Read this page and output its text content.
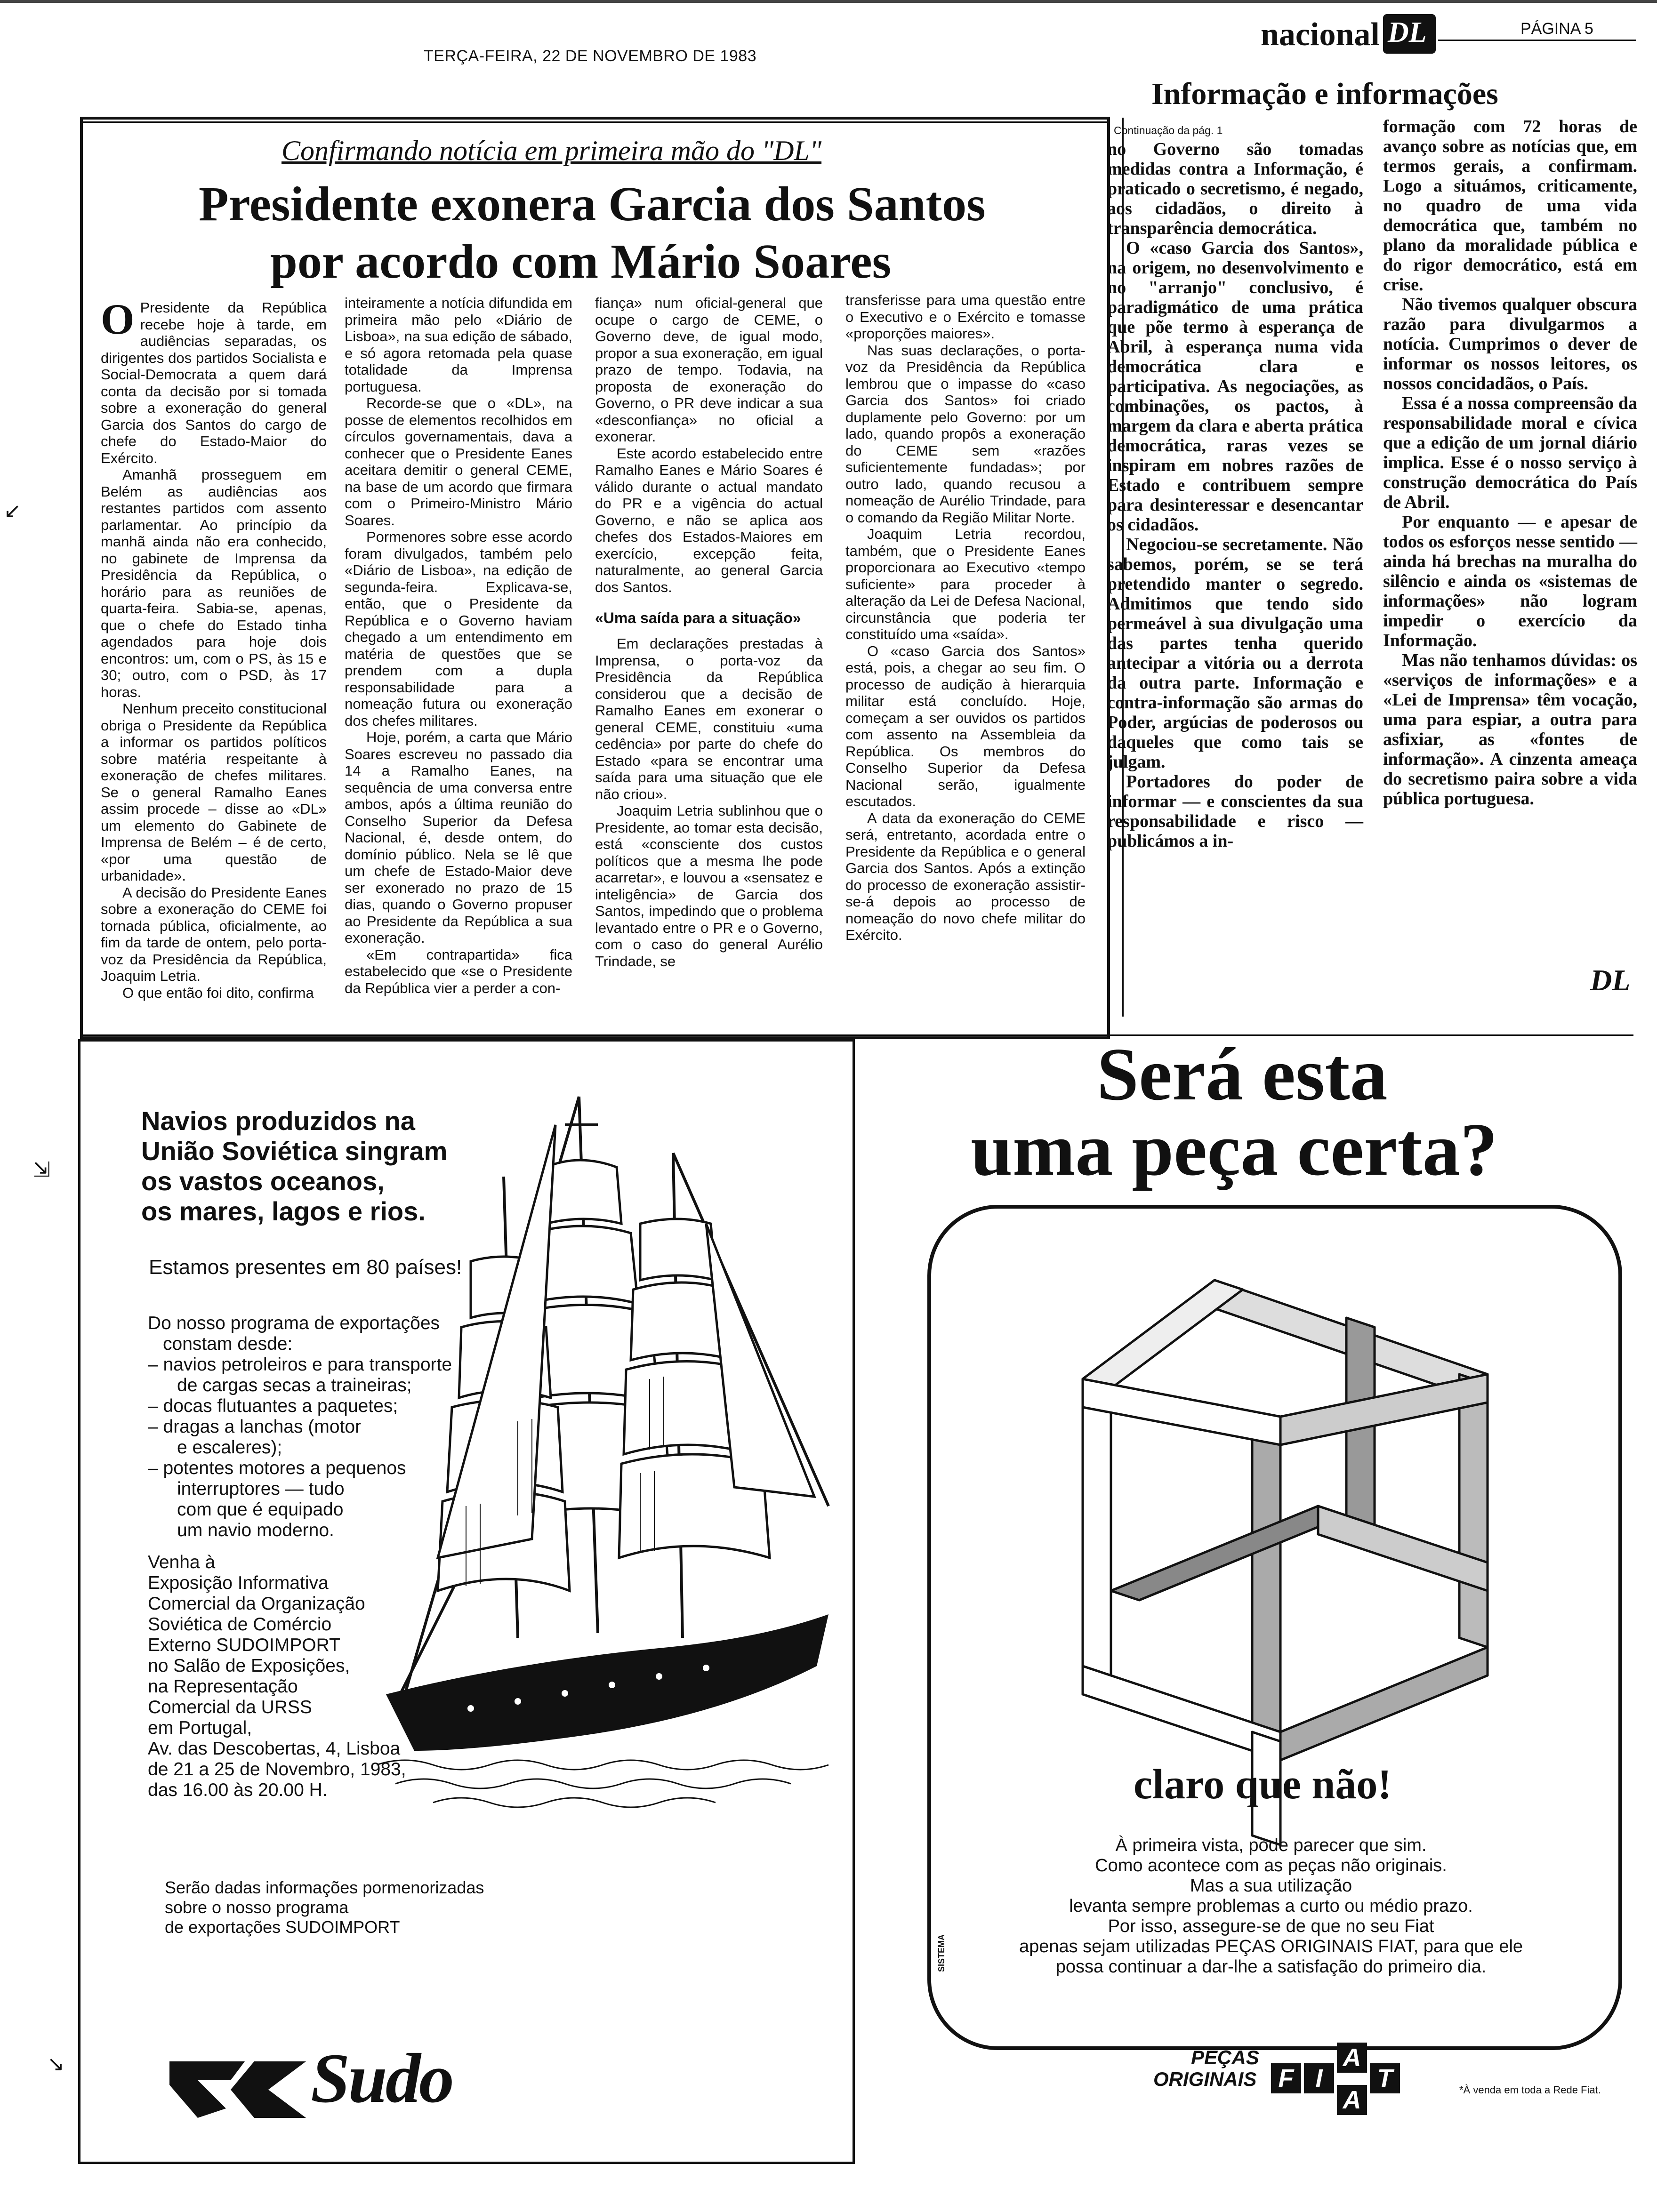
TERÇA-FEIRA, 22 DE NOVEMBRO DE 1983
nacional DL	PÁGINA 5
Confirmando notícia em primeira mão do "DL"
Presidente exonera Garcia dos Santos
por acordo com Mário Soares

O Presidente da República recebe hoje à tarde, em audiências separadas, os dirigentes dos partidos Socialista e Social-Democrata a quem dará conta da decisão por si tomada sobre a exoneração do general Garcia dos Santos do cargo de chefe do Estado-Maior do Exército.

Amanhã prosseguem em Belém as audiências aos restantes partidos com assento parlamentar. Ao princípio da manhã ainda não era conhecido, no gabinete de Imprensa da Presidência da República, o horário para as reuniões de quarta-feira. Sabia-se, apenas, que o chefe do Estado tinha agendados para hoje dois encontros: um, com o PS, às 15 e 30; outro, com o PSD, às 17 horas.

Nenhum preceito constitucional obriga o Presidente da República a informar os partidos políticos sobre matéria respeitante à exoneração de chefes militares. Se o general Ramalho Eanes assim procede – disse ao «DL» um elemento do Gabinete de Imprensa de Belém – é de certo, «por uma questão de urbanidade».

A decisão do Presidente Eanes sobre a exoneração do CEME foi tornada pública, oficialmente, ao fim da tarde de ontem, pelo porta-voz da Presidência da República, Joaquim Letria.

O que então foi dito, confirma

inteiramente a notícia difundida em primeira mão pelo «Diário de Lisboa», na sua edição de sábado, e só agora retomada pela quase totalidade da Imprensa portuguesa.

Recorde-se que o «DL», na posse de elementos recolhidos em círculos governamentais, dava a conhecer que o Presidente Eanes aceitara demitir o general CEME, na base de um acordo que firmara com o Primeiro-Ministro Mário Soares.

Pormenores sobre esse acordo foram divulgados, também pelo «Diário de Lisboa», na edição de segunda-feira. Explicava-se, então, que o Presidente da República e o Governo haviam chegado a um entendimento em matéria de questões que se prendem com a dupla responsabilidade para a nomeação futura ou exoneração dos chefes militares.

Hoje, porém, a carta que Mário Soares escreveu no passado dia 14 a Ramalho Eanes, na sequência de uma conversa entre ambos, após a última reunião do Conselho Superior da Defesa Nacional, é, desde ontem, do domínio público. Nela se lê que um chefe de Estado-Maior deve ser exonerado no prazo de 15 dias, quando o Governo propuser ao Presidente da República a sua exoneração.

«Em contrapartida» fica estabelecido que «se o Presidente da República vier a perder a con-

fiança» num oficial-general que ocupe o cargo de CEME, o Governo deve, de igual modo, propor a sua exoneração, em igual prazo de tempo. Todavia, na proposta de exoneração do Governo, o PR deve indicar a sua «desconfiança» no oficial a exonerar.

Este acordo estabelecido entre Ramalho Eanes e Mário Soares é válido durante o actual mandato do PR e a vigência do actual Governo, e não se aplica aos chefes dos Estados-Maiores em exercício, excepção feita, naturalmente, ao general Garcia dos Santos.

«Uma saída para a situação»

Em declarações prestadas à Imprensa, o porta-voz da Presidência da República considerou que a decisão de Ramalho Eanes em exonerar o general CEME, constituiu «uma cedência» por parte do chefe do Estado «para se encontrar uma saída para uma situação que ele não criou».

Joaquim Letria sublinhou que o Presidente, ao tomar esta decisão, está «consciente dos custos políticos que a mesma lhe pode acarretar», e louvou a «sensatez e inteligência» de Garcia dos Santos, impedindo que o problema levantado entre o PR e o Governo, com o caso do general Aurélio Trindade, se

transferisse para uma questão entre o Executivo e o Exército e tomasse «proporções maiores».

Nas suas declarações, o porta-voz da Presidência da República lembrou que o impasse do «caso Garcia dos Santos» foi criado duplamente pelo Governo: por um lado, quando propôs a exoneração do CEME sem «razões suficientemente fundadas»; por outro lado, quando recusou a nomeação de Aurélio Trindade, para o comando da Região Militar Norte.

Joaquim Letria recordou, também, que o Presidente Eanes proporcionara ao Executivo «tempo suficiente» para proceder à alteração da Lei de Defesa Nacional, circunstância que poderia ter constituído uma «saída».

O «caso Garcia dos Santos» está, pois, a chegar ao seu fim. O processo de audição à hierarquia militar está concluído. Hoje, começam a ser ouvidos os partidos com assento na Assembleia da República. Os membros do Conselho Superior da Defesa Nacional serão, igualmente escutados.

A data da exoneração do CEME será, entretanto, acordada entre o Presidente da República e o general Garcia dos Santos. Após a extinção do processo de exoneração assistir-se-á depois ao processo de nomeação do novo chefe militar do Exército.

Informação e informações
Continuação da pág. 1

no Governo são tomadas medidas contra a Informação, é praticado o secretismo, é negado, aos cidadãos, o direito à transparência democrática.

O «caso Garcia dos Santos», na origem, no desenvolvimento e no "arranjo" conclusivo, é paradigmático de uma prática que põe termo à esperança de Abril, à esperança numa vida democrática clara e participativa. As negociações, as combinações, os pactos, à margem da clara e aberta prática democrática, raras vezes se inspiram em nobres razões de Estado e contribuem sempre para desinteressar e desencantar os cidadãos.

Negociou-se secretamente. Não sabemos, porém, se se terá pretendido manter o segredo. Admitimos que tendo sido permeável à sua divulgação uma das partes tenha querido antecipar a vitória ou a derrota da outra parte. Informação e contra-informação são armas do Poder, argúcias de poderosos ou daqueles que como tais se julgam.

Portadores do poder de informar — e conscientes da sua responsabilidade e risco — publicámos a in-

formação com 72 horas de avanço sobre as notícias que, em termos gerais, a confirmam. Logo a situámos, criticamente, no quadro de uma vida democrática que, também no plano da moralidade pública e do rigor democrático, está em crise.

Não tivemos qualquer obscura razão para divulgarmos a notícia. Cumprimos o dever de informar os nossos leitores, os nossos concidadãos, o País.

Essa é a nossa compreensão da responsabilidade moral e cívica que a edição de um jornal diário implica. Esse é o nosso serviço à construção democrática do País de Abril.

Por enquanto — e apesar de todos os esforços nesse sentido — ainda há brechas na muralha do silêncio e ainda os «sistemas de informações» não logram impedir o exercício da Informação.

Mas não tenhamos dúvidas: os «serviços de informações» e a «Lei de Imprensa» têm vocação, uma para espiar, a outra para asfixiar, as «fontes de informação». A cinzenta ameaça do secretismo paira sobre a vida pública portuguesa.

DL
Navios produzidos na
União Soviética singram
os vastos oceanos,
os mares, lagos e rios.
Estamos presentes em 80 países!

Do nosso programa de exportações

constam desde:

– navios petroleiros e para transporte

de cargas secas a traineiras;

– docas flutuantes a paquetes;

– dragas a lanchas (motor

e escaleres);

– potentes motores a pequenos

interruptores — tudo

com que é equipado

um navio moderno.

Venha à

Exposição Informativa

Comercial da Organização

Soviética de Comércio

Externo SUDOIMPORT

no Salão de Exposições,

na Representação

Comercial da URSS

em Portugal,

Av. das Descobertas, 4, Lisboa

de 21 a 25 de Novembro, 1983,

das 16.00 às 20.00 H.

Serão dadas informações pormenorizadas

sobre o nosso programa

de exportações SUDOIMPORT

Sudo
Será esta
uma peça certa?
claro que não!
À primeira vista, pode parecer que sim.
Como acontece com as peças não originais.
Mas a sua utilização
levanta sempre problemas a curto ou médio prazo.
Por isso, assegure-se de que no seu Fiat
apenas sejam utilizadas PEÇAS ORIGINAIS FIAT, para que ele
possa continuar a dar-lhe a satisfação do primeiro dia.
SISTEMA
PEÇAS
ORIGINAIS F I
A
T
A	*À venda em toda a Rede Fiat.
↙
⇲
↘
